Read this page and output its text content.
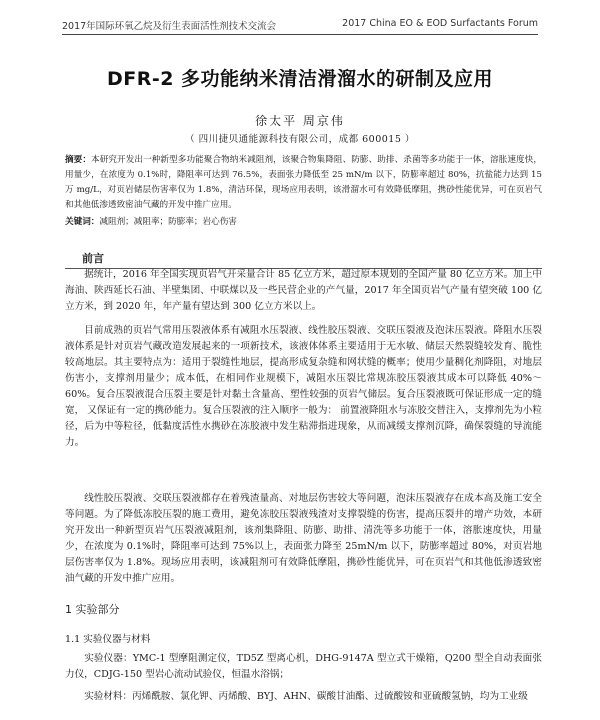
2017年国际环氧乙烷及衍生表面活性剂技术交流会	2017 China EO & EOD Surfactants Forum
DFR-2 多功能纳米清洁滑溜水的研制及应用
徐太平 周京伟
（ 四川捷贝通能源科技有限公司，成都 600015 ）
摘要：本研究开发出一种新型多功能聚合物纳米减阻剂，该聚合物集降阻、防膨、助排、杀菌等多功能于一体，溶胀速度快，用量少，在浓度为 0.1%时，降阻率可达到 76.5%，表面张力降低至 25 mN/m 以下，防膨率超过 80%，抗盐能力达到 15 万 mg/L，对页岩储层伤害率仅为 1.8%，清洁环保，现场应用表明，该滑溜水可有效降低摩阻，携砂性能优异，可在页岩气和其他低渗透致密油气藏的开发中推广应用。
关键词：减阻剂；减阻率；防膨率；岩心伤害
前言
据统计，2016 年全国实现页岩气开采量合计 85 亿立方米，超过原本规划的全国产量 80 亿立方米。加上中海油、陕西延长石油、半壁集团、中联煤以及一些民营企业的产气量，2017 年全国页岩气产量有望突破 100 亿立方米，到 2020 年，年产量有望达到 300 亿立方米以上。
目前成熟的页岩气常用压裂液体系有减阻水压裂液、线性胶压裂液、交联压裂液及泡沫压裂液。降阻水压裂液体系是针对页岩气藏改造发展起来的一项新技术，该液体体系主要适用于无水敏、储层天然裂缝较发育、脆性较高地层。其主要特点为：适用于裂缝性地层，提高形成复杂缝和网状缝的概率；使用少量稠化剂降阻，对地层伤害小，支撑剂用量少；成本低，在相同作业规模下，减阻水压裂比常规冻胶压裂液其成本可以降低 40%～60%。复合压裂液混合压裂主要是针对黏土含量高、塑性较强的页岩气储层。复合压裂液既可保证形成一定的缝宽， 又保证有一定的携砂能力。复合压裂液的注入顺序一般为： 前置液降阻水与冻胶交替注入，支撑剂先为小粒径，后为中等粒径，低黏度活性水携砂在冻胶液中发生粘滞指进现象，从而减缓支撑剂沉降，确保裂缝的导流能力。
线性胶压裂液、交联压裂液都存在着残渣量高、对地层伤害较大等问题，泡沫压裂液存在成本高及施工安全等问题。为了降低冻胶压裂的施工费用，避免冻胶压裂液残渣对支撑裂缝的伤害，提高压裂井的增产功效，本研究开发出一种新型页岩气压裂液减阻剂，该剂集降阻、防膨、助排、清洗等多功能于一体，溶胀速度快，用量少，在浓度为 0.1%时，降阻率可达到 75%以上，表面张力降至 25mN/m 以下，防膨率超过 80%，对页岩地层伤害率仅为 1.8%。现场应用表明，该减阻剂可有效降低摩阻，携砂性能优异，可在页岩气和其他低渗透致密油气藏的开发中推广应用。
1 实验部分
1.1 实验仪器与材料
实验仪器：YMC-1 型摩阻测定仪，TD5Z 型离心机，DHG-9147A 型立式干燥箱，Q200 型全自动表面张力仪，CDJG-150 型岩心流动试验仪，恒温水浴锅；
实验材料：丙烯酰胺、氯化钾、丙烯酸、BYJ、AHN、碳酸甘油酯、过硫酸铵和亚硫酸氢钠，均为工业级
